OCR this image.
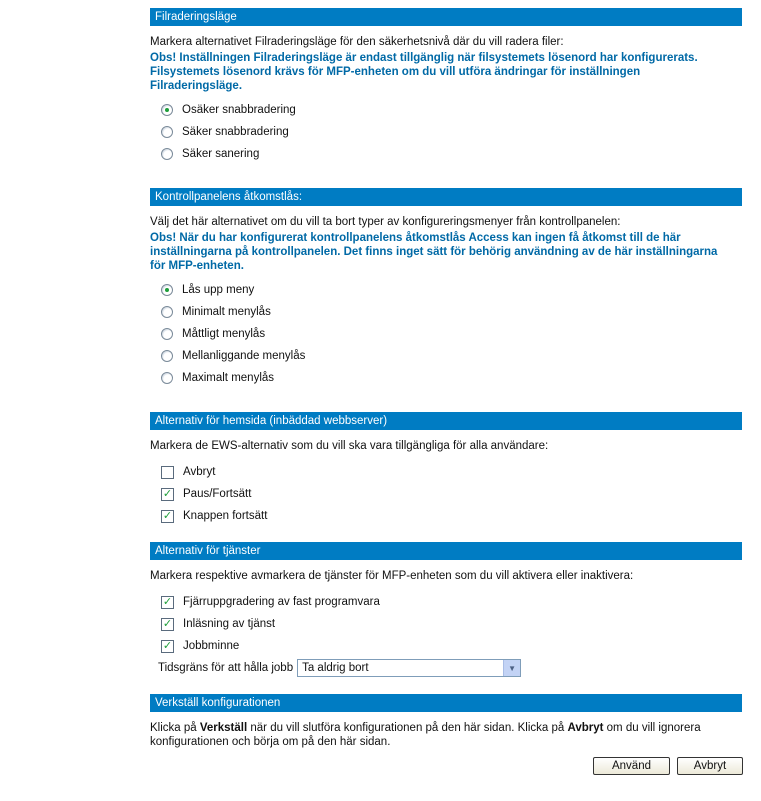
Filraderingsläge

Markera alternativet Filraderingsläge för den säkerhetsnivå där du vill radera filer:

Obs! Inställningen Filraderingsläge är endast tillgänglig när filsystemets lösenord har konfigurerats.
Filsystemets lösenord krävs för MFP-enheten om du vill utföra ändringar för inställningen
Filraderingsläge.

Osäker snabbradering
Säker snabbradering
Säker sanering
Kontrollpanelens åtkomstlås:

Välj det här alternativet om du vill ta bort typer av konfigureringsmenyer från kontrollpanelen:

Obs! När du har konfigurerat kontrollpanelens åtkomstlås Access kan ingen få åtkomst till de här
inställningarna på kontrollpanelen. Det finns inget sätt för behörig användning av de här inställningarna
för MFP-enheten.

Lås upp meny
Minimalt menylås
Måttligt menylås
Mellanliggande menylås
Maximalt menylås
Alternativ för hemsida (inbäddad webbserver)

Markera de EWS-alternativ som du vill ska vara tillgängliga för alla användare:

Avbryt
✓ Paus/Fortsätt
✓ Knappen fortsätt
Alternativ för tjänster

Markera respektive avmarkera de tjänster för MFP-enheten som du vill aktivera eller inaktivera:

✓ Fjärruppgradering av fast programvara
✓ Inläsning av tjänst
✓ Jobbminne
Tidsgräns för att hålla jobb Ta aldrig bort	▼
Verkställ konfigurationen

Klicka på Verkställ när du vill slutföra konfigurationen på den här sidan. Klicka på Avbryt om du vill ignorera
konfigurationen och börja om på den här sidan.

Använd	Avbryt
